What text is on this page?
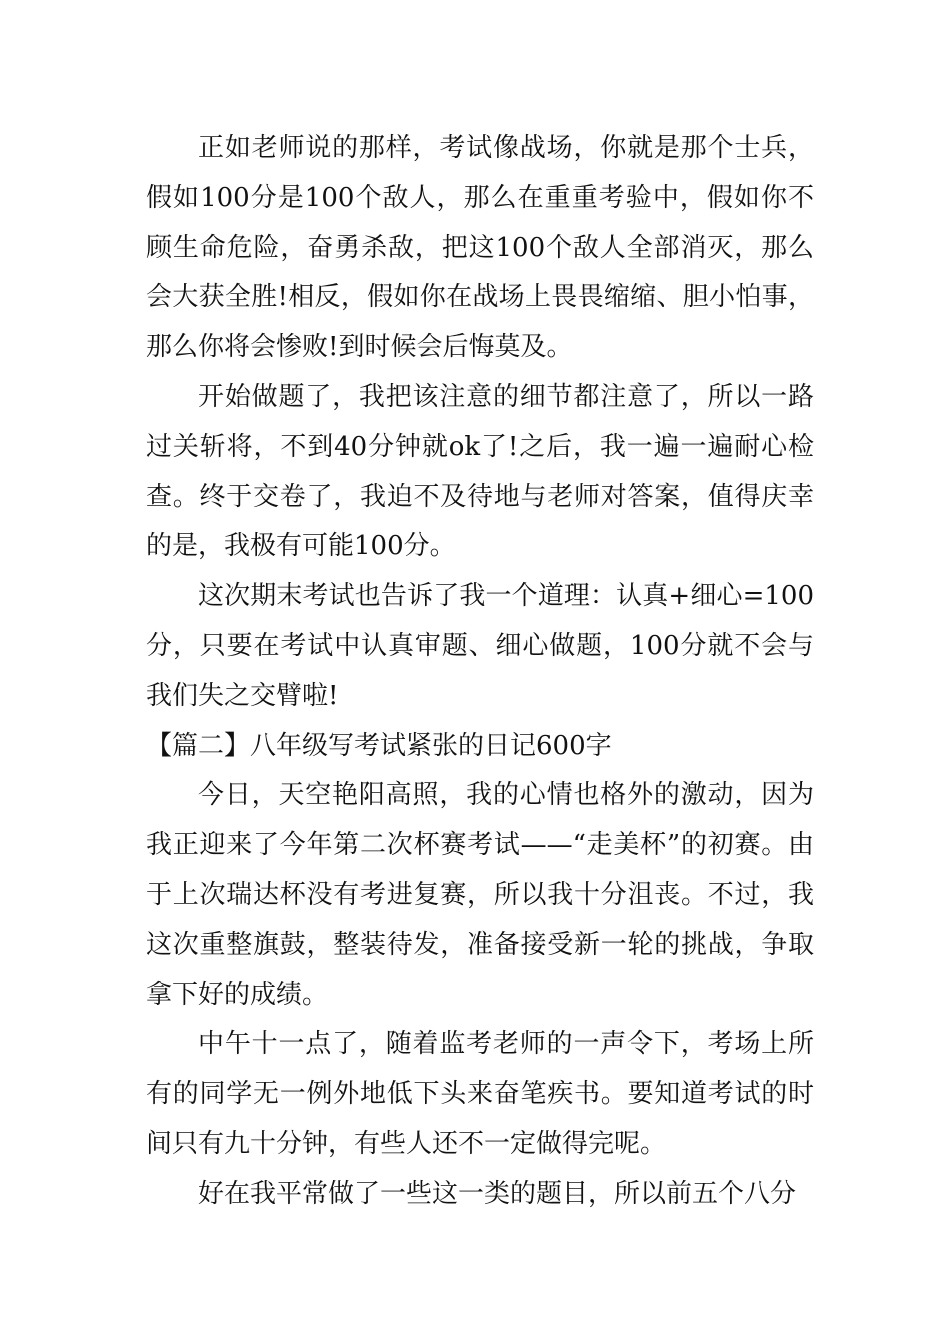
正如老师说的那样，考试像战场，你就是那个士兵，假如100分是100个敌人，那么在重重考验中，假如你不顾生命危险，奋勇杀敌，把这100个敌人全部消灭，那么会大获全胜!相反，假如你在战场上畏畏缩缩、胆小怕事，那么你将会惨败!到时候会后悔莫及。

开始做题了，我把该注意的细节都注意了，所以一路过关斩将，不到40分钟就ok了!之后，我一遍一遍耐心检查。终于交卷了，我迫不及待地与老师对答案，值得庆幸的是，我极有可能100分。

这次期末考试也告诉了我一个道理：认真+细心=100分，只要在考试中认真审题、细心做题，100分就不会与我们失之交臂啦!

【篇二】八年级写考试紧张的日记600字

今日，天空艳阳高照，我的心情也格外的激动，因为我正迎来了今年第二次杯赛考试——“走美杯”的初赛。由于上次瑞达杯没有考进复赛，所以我十分沮丧。不过，我这次重整旗鼓，整装待发，准备接受新一轮的挑战，争取拿下好的成绩。

中午十一点了，随着监考老师的一声令下，考场上所有的同学无一例外地低下头来奋笔疾书。要知道考试的时间只有九十分钟，有些人还不一定做得完呢。

好在我平常做了一些这一类的题目，所以前五个八分
